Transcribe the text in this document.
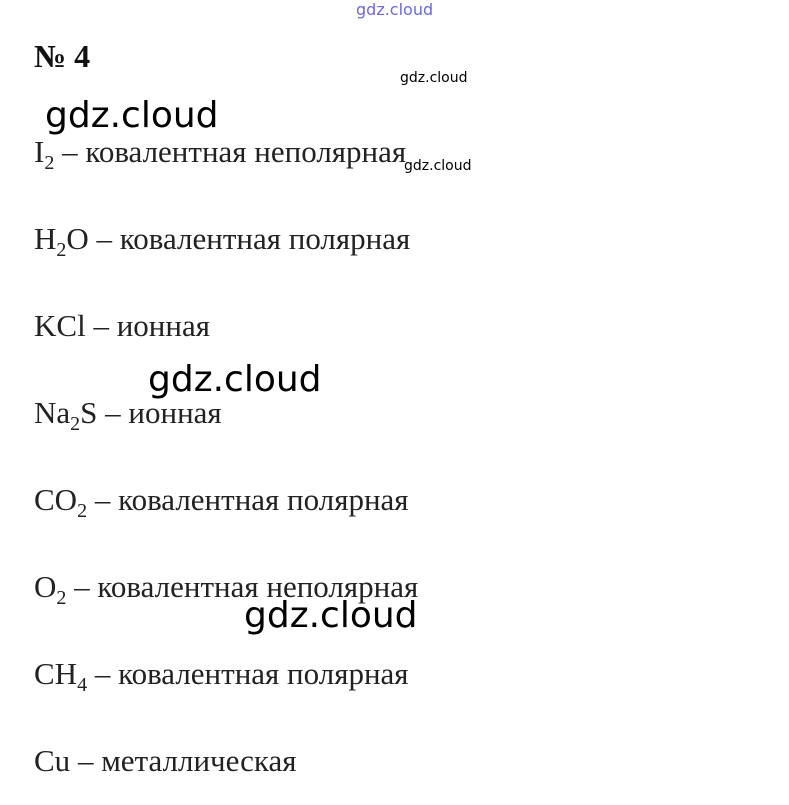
gdz.cloud
№ 4
gdz.cloud
gdz.cloud
$I_2$ – ковалентная неполярная
gdz.cloud
$H_2O$ – ковалентная полярная
KCl – ионная
$Na_2S$ – ионная
gdz.cloud
$CO_2$ – ковалентная полярная
$O_2$ – ковалентная неполярная
gdz.cloud
$CH_4$ – ковалентная полярная
Cu – металлическая
